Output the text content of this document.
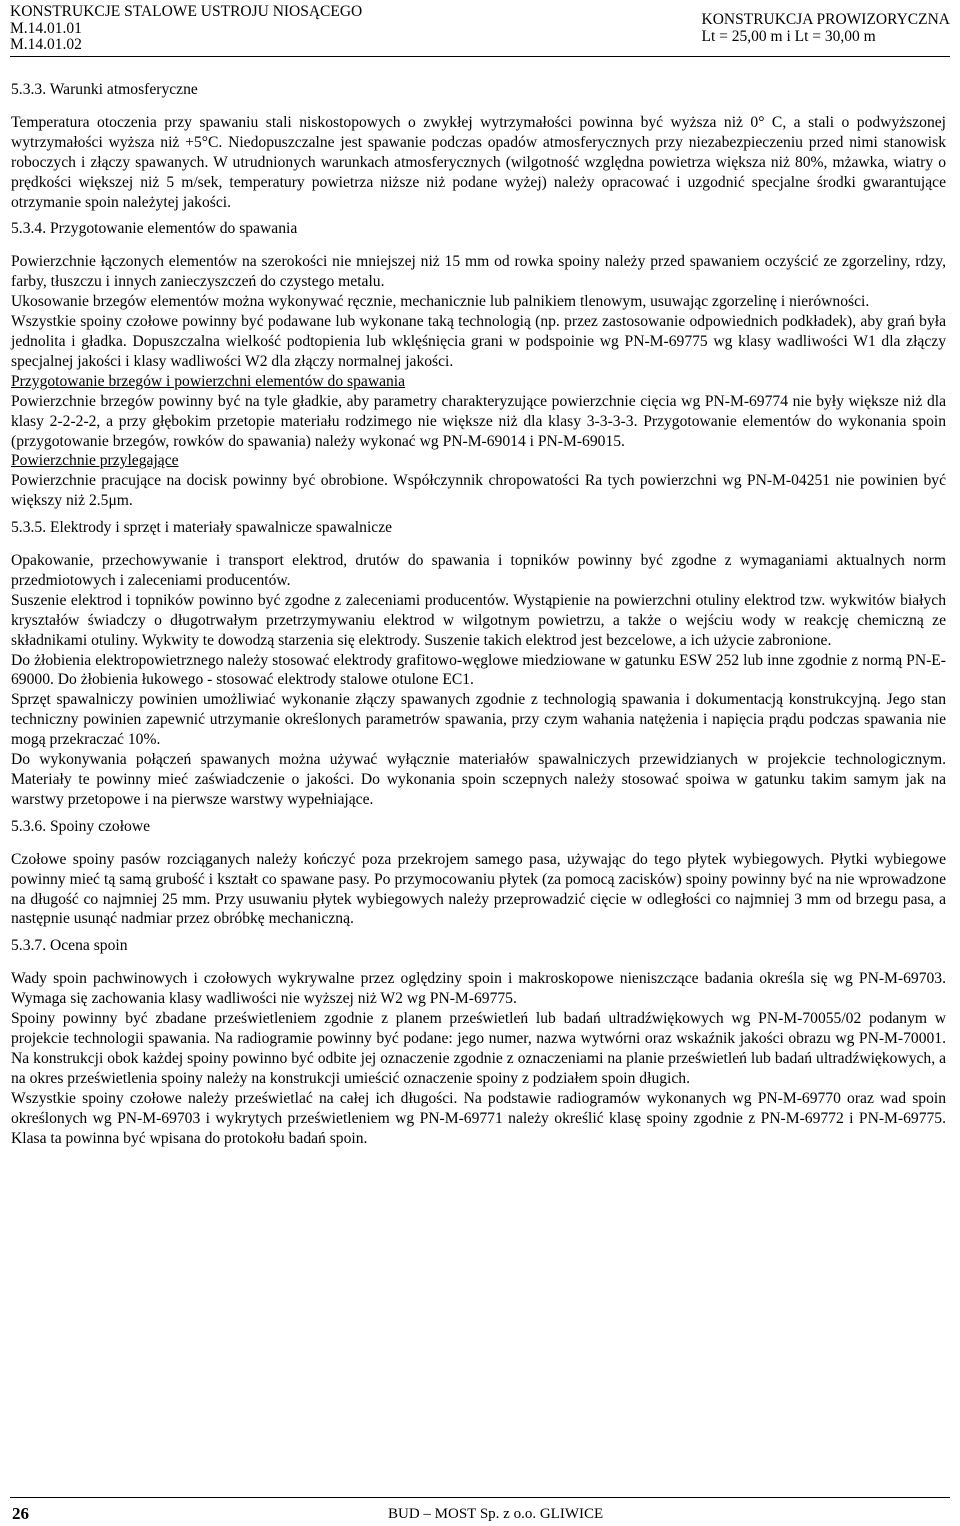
KONSTRUKCJE STALOWE USTROJU NIOSĄCEGO
M.14.01.01
M.14.01.02
KONSTRUKCJA PROWIZORYCZNA
Lt = 25,00 m i Lt = 30,00 m
5.3.3. Warunki atmosferyczne

Temperatura otoczenia przy spawaniu stali niskostopowych o zwykłej wytrzymałości powinna być wyższa niż 0° C, a stali o podwyższonej wytrzymałości wyższa niż +5°C. Niedopuszczalne jest spawanie podczas opadów atmosferycznych przy niezabezpieczeniu przed nimi stanowisk roboczych i złączy spawanych. W utrudnionych warunkach atmosferycznych (wilgotność względna powietrza większa niż 80%, mżawka, wiatry o prędkości większej niż 5 m/sek, temperatury powietrza niższe niż podane wyżej) należy opracować i uzgodnić specjalne środki gwarantujące otrzymanie spoin należytej jakości.

5.3.4. Przygotowanie elementów do spawania

Powierzchnie łączonych elementów na szerokości nie mniejszej niż 15 mm od rowka spoiny należy przed spawaniem oczyścić ze zgorzeliny, rdzy, farby, tłuszczu i innych zanieczyszczeń do czystego metalu.

Ukosowanie brzegów elementów można wykonywać ręcznie, mechanicznie lub palnikiem tlenowym, usuwając zgorzelinę i nierówności.

Wszystkie spoiny czołowe powinny być podawane lub wykonane taką technologią (np. przez zastosowanie odpowiednich podkładek), aby grań była jednolita i gładka. Dopuszczalna wielkość podtopienia lub wklęśnięcia grani w podspoinie wg PN-M-69775 wg klasy wadliwości W1 dla złączy specjalnej jakości i klasy wadliwości W2 dla złączy normalnej jakości.

Przygotowanie brzegów i powierzchni elementów do spawania

Powierzchnie brzegów powinny być na tyle gładkie, aby parametry charakteryzujące powierzchnie cięcia wg PN-M-69774 nie były większe niż dla klasy 2-2-2-2, a przy głębokim przetopie materiału rodzimego nie większe niż dla klasy 3-3-3-3. Przygotowanie elementów do wykonania spoin (przygotowanie brzegów, rowków do spawania) należy wykonać wg PN-M-69014 i PN-M-69015.

Powierzchnie przylegające

Powierzchnie pracujące na docisk powinny być obrobione. Współczynnik chropowatości Ra tych powierzchni wg PN-M-04251 nie powinien być większy niż 2.5μm.

5.3.5. Elektrody i sprzęt i materiały spawalnicze spawalnicze

Opakowanie, przechowywanie i transport elektrod, drutów do spawania i topników powinny być zgodne z wymaganiami aktualnych norm przedmiotowych i zaleceniami producentów.

Suszenie elektrod i topników powinno być zgodne z zaleceniami producentów. Wystąpienie na powierzchni otuliny elektrod tzw. wykwitów białych kryształów świadczy o długotrwałym przetrzymywaniu elektrod w wilgotnym powietrzu, a także o wejściu wody w reakcję chemiczną ze składnikami otuliny. Wykwity te dowodzą starzenia się elektrody. Suszenie takich elektrod jest bezcelowe, a ich użycie zabronione.

Do żłobienia elektropowietrznego należy stosować elektrody grafitowo-węglowe miedziowane w gatunku ESW 252 lub inne zgodnie z normą PN-E-69000. Do żłobienia łukowego - stosować elektrody stalowe otulone EC1.

Sprzęt spawalniczy powinien umożliwiać wykonanie złączy spawanych zgodnie z technologią spawania i dokumentacją konstrukcyjną. Jego stan techniczny powinien zapewnić utrzymanie określonych parametrów spawania, przy czym wahania natężenia i napięcia prądu podczas spawania nie mogą przekraczać 10%.

Do wykonywania połączeń spawanych można używać wyłącznie materiałów spawalniczych przewidzianych w projekcie technologicznym. Materiały te powinny mieć zaświadczenie o jakości. Do wykonania spoin sczepnych należy stosować spoiwa w gatunku takim samym jak na warstwy przetopowe i na pierwsze warstwy wypełniające.

5.3.6. Spoiny czołowe

Czołowe spoiny pasów rozciąganych należy kończyć poza przekrojem samego pasa, używając do tego płytek wybiegowych. Płytki wybiegowe powinny mieć tą samą grubość i kształt co spawane pasy. Po przymocowaniu płytek (za pomocą zacisków) spoiny powinny być na nie wprowadzone na długość co najmniej 25 mm. Przy usuwaniu płytek wybiegowych należy przeprowadzić cięcie w odległości co najmniej 3 mm od brzegu pasa, a następnie usunąć nadmiar przez obróbkę mechaniczną.

5.3.7. Ocena spoin

Wady spoin pachwinowych i czołowych wykrywalne przez oględziny spoin i makroskopowe nieniszczące badania określa się wg PN-M-69703. Wymaga się zachowania klasy wadliwości nie wyższej niż W2 wg PN-M-69775.

Spoiny powinny być zbadane prześwietleniem zgodnie z planem prześwietleń lub badań ultradźwiękowych wg PN-M-70055/02 podanym w projekcie technologii spawania. Na radiogramie powinny być podane: jego numer, nazwa wytwórni oraz wskaźnik jakości obrazu wg PN-M-70001. Na konstrukcji obok każdej spoiny powinno być odbite jej oznaczenie zgodnie z oznaczeniami na planie prześwietleń lub badań ultradźwiękowych, a na okres prześwietlenia spoiny należy na konstrukcji umieścić oznaczenie spoiny z podziałem spoin długich.

Wszystkie spoiny czołowe należy prześwietlać na całej ich długości. Na podstawie radiogramów wykonanych wg PN-M-69770 oraz wad spoin określonych wg PN-M-69703 i wykrytych prześwietleniem wg PN-M-69771 należy określić klasę spoiny zgodnie z PN-M-69772 i PN-M-69775. Klasa ta powinna być wpisana do protokołu badań spoin.

26	BUD – MOST Sp. z o.o. GLIWICE
